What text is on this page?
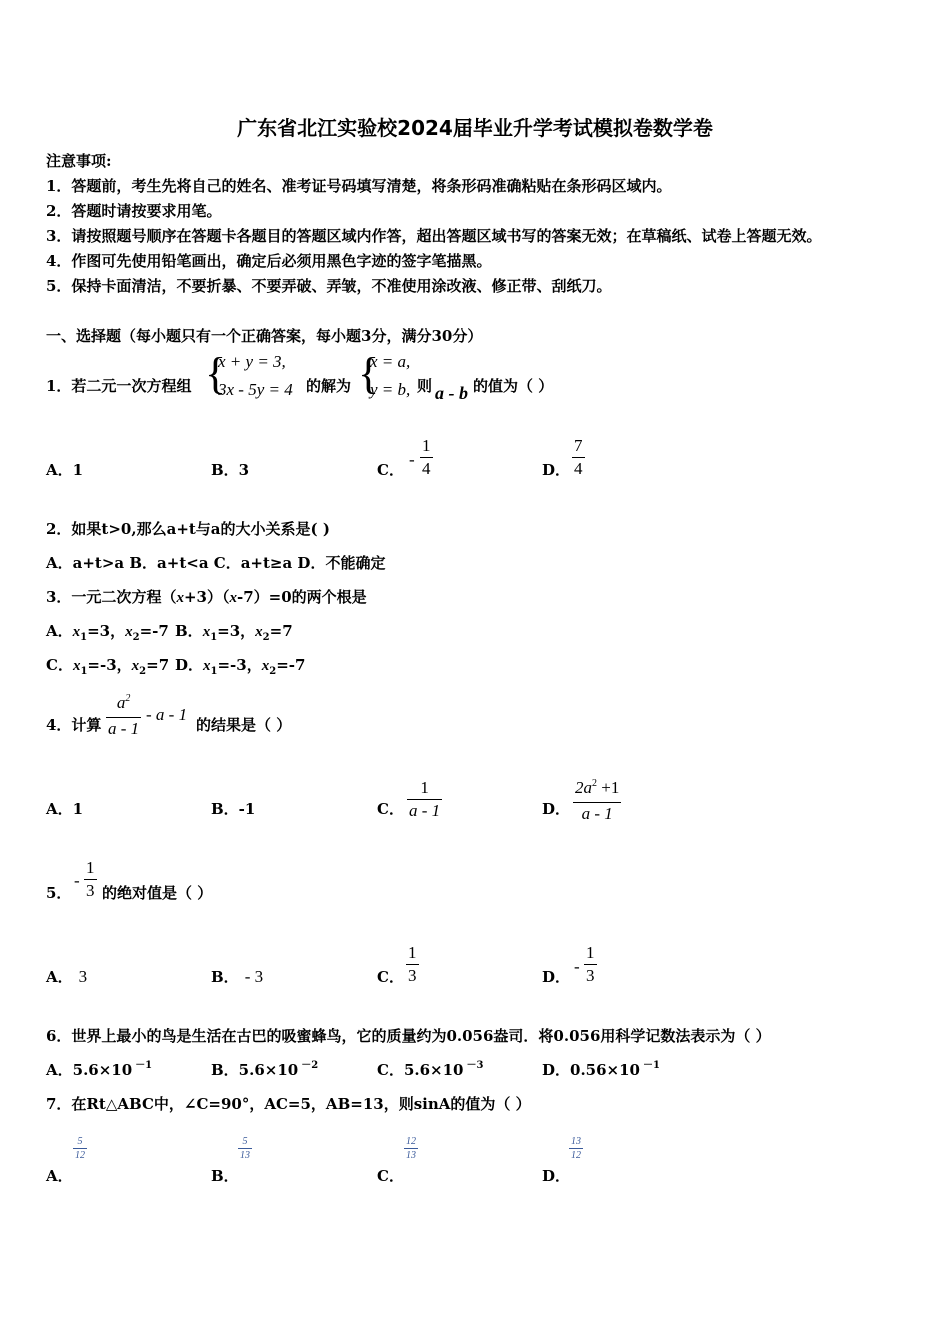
广东省北江实验校2024届毕业升学考试模拟卷数学卷
注意事项:
1．答题前，考生先将自己的姓名、准考证号码填写清楚，将条形码准确粘贴在条形码区域内。
2．答题时请按要求用笔。
3．请按照题号顺序在答题卡各题目的答题区域内作答，超出答题区域书写的答案无效；在草稿纸、试卷上答题无效。
4．作图可先使用铅笔画出，确定后必须用黑色字迹的签字笔描黑。
5．保持卡面清洁，不要折暴、不要弄破、弄皱，不准使用涂改液、修正带、刮纸刀。
一、选择题（每小题只有一个正确答案，每小题3分，满分30分）
1．若二元一次方程组 {
x + y = 3,
3x - 5y = 4 的解为 {
x = a,
y = b, 则 a - b 的值为（ ）
A．1	B．3	C．
-
1
4	D．
7
4
2．如果t>0,那么a+t与a的大小关系是( )
A．a+t>a B．a+t<a C．a+t≥a D．不能确定
3．一元二次方程（x+3）（x-7）=0的两个根是
A．$x_1=3$，$x_2=-7$ B．$x_1=3$，$x_2=7$
C．$x_1=-3$，$x_2=7$ D．$x_1=-3$，$x_2=-7$
4．计算
$a^2$
a - 1
- a - 1
的结果是（ ）
A．1	B．-1	C．
1
a - 1	D．
$2a^2 +1$
a - 1
5．
-
1
3 的绝对值是（ ）
A． 3	B． - 3	C．
1
3	D．
-
1
3
6．世界上最小的鸟是生活在古巴的吸蜜蜂鸟，它的质量约为0.056盎司．将0.056用科学记数法表示为（ ）
A．5.6×10 $^{-1}$	B．5.6×10 $^{-2}$	C．5.6×10 $^{-3}$	D．0.56×10 $^{-1}$
7．在Rt△ABC中，∠C=90°，AC=5，AB=13，则sinA的值为（ ）
A．
5
12
B．
5
13
C．
12
13
D．
13
12
